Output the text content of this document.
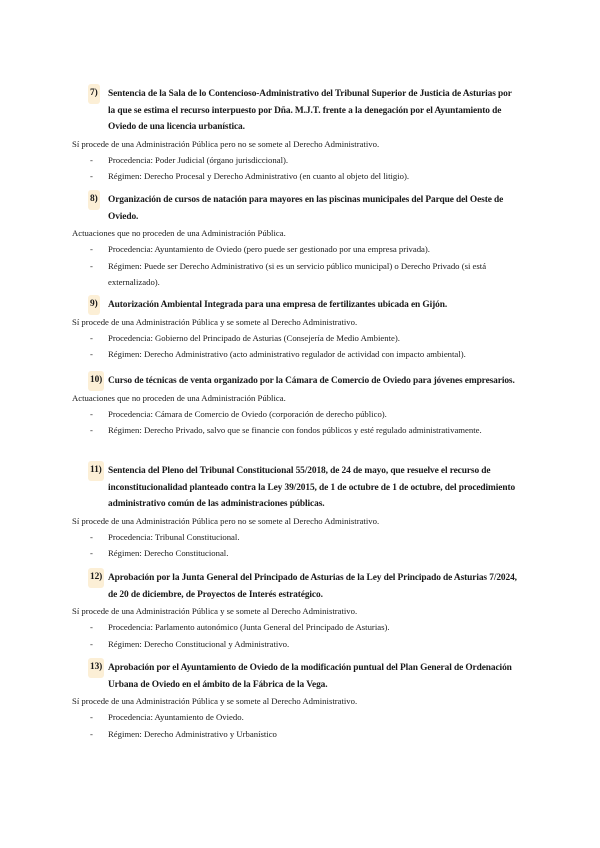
7) Sentencia de la Sala de lo Contencioso-Administrativo del Tribunal Superior de Justicia de Asturias por la que se estima el recurso interpuesto por Dña. M.J.T. frente a la denegación por el Ayuntamiento de Oviedo de una licencia urbanística.
Sí procede de una Administración Pública pero no se somete al Derecho Administrativo.
- Procedencia: Poder Judicial (órgano jurisdiccional).
- Régimen: Derecho Procesal y Derecho Administrativo (en cuanto al objeto del litigio).
8) Organización de cursos de natación para mayores en las piscinas municipales del Parque del Oeste de Oviedo.
Actuaciones que no proceden de una Administración Pública.
- Procedencia: Ayuntamiento de Oviedo (pero puede ser gestionado por una empresa privada).
- Régimen: Puede ser Derecho Administrativo (si es un servicio público municipal) o Derecho Privado (si está externalizado).
9) Autorización Ambiental Integrada para una empresa de fertilizantes ubicada en Gijón.
Sí procede de una Administración Pública y se somete al Derecho Administrativo.
- Procedencia: Gobierno del Principado de Asturias (Consejería de Medio Ambiente).
- Régimen: Derecho Administrativo (acto administrativo regulador de actividad con impacto ambiental).
10) Curso de técnicas de venta organizado por la Cámara de Comercio de Oviedo para jóvenes empresarios.
Actuaciones que no proceden de una Administración Pública.
- Procedencia: Cámara de Comercio de Oviedo (corporación de derecho público).
- Régimen: Derecho Privado, salvo que se financie con fondos públicos y esté regulado administrativamente.
11) Sentencia del Pleno del Tribunal Constitucional 55/2018, de 24 de mayo, que resuelve el recurso de inconstitucionalidad planteado contra la Ley 39/2015, de 1 de octubre de 1 de octubre, del procedimiento administrativo común de las administraciones públicas.
Sí procede de una Administración Pública pero no se somete al Derecho Administrativo.
- Procedencia: Tribunal Constitucional.
- Régimen: Derecho Constitucional.
12) Aprobación por la Junta General del Principado de Asturias de la Ley del Principado de Asturias 7/2024, de 20 de diciembre, de Proyectos de Interés estratégico.
Sí procede de una Administración Pública y se somete al Derecho Administrativo.
- Procedencia: Parlamento autonómico (Junta General del Principado de Asturias).
- Régimen: Derecho Constitucional y Administrativo.
13) Aprobación por el Ayuntamiento de Oviedo de la modificación puntual del Plan General de Ordenación Urbana de Oviedo en el ámbito de la Fábrica de la Vega.
Sí procede de una Administración Pública y se somete al Derecho Administrativo.
- Procedencia: Ayuntamiento de Oviedo.
- Régimen: Derecho Administrativo y Urbanístico
